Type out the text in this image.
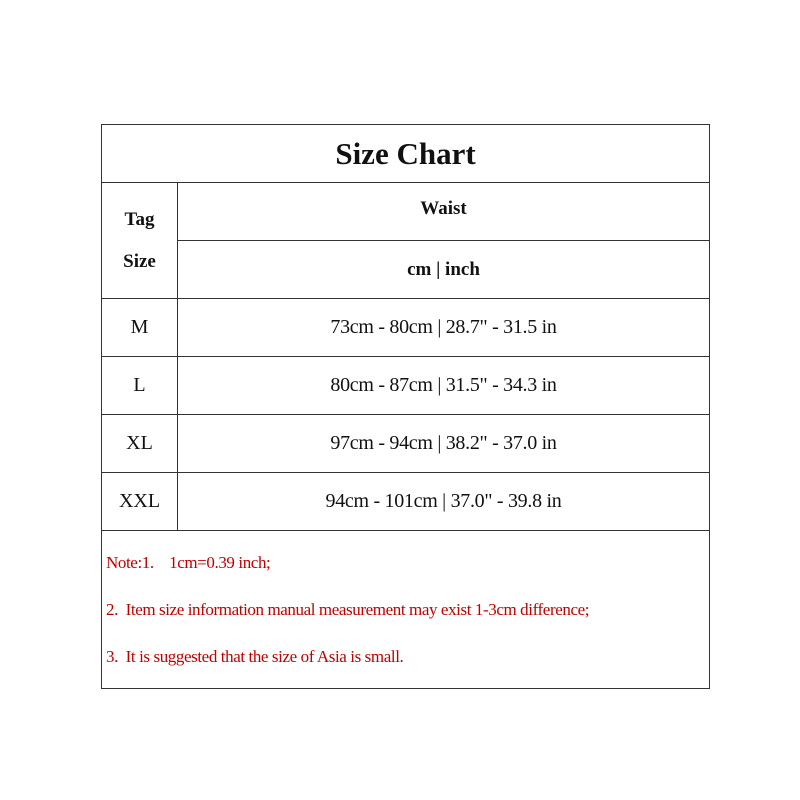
Size Chart
Tag
Size
Waist
cm | inch
M	73cm - 80cm | 28.7" - 31.5 in
L	80cm - 87cm | 31.5" - 34.3 in
XL	97cm - 94cm | 38.2" - 37.0 in
XXL	94cm - 101cm | 37.0" - 39.8 in
Note:1.    1cm=0.39 inch;
2.  Item size information manual measurement may exist 1-3cm difference;
3.  It is suggested that the size of Asia is small.
